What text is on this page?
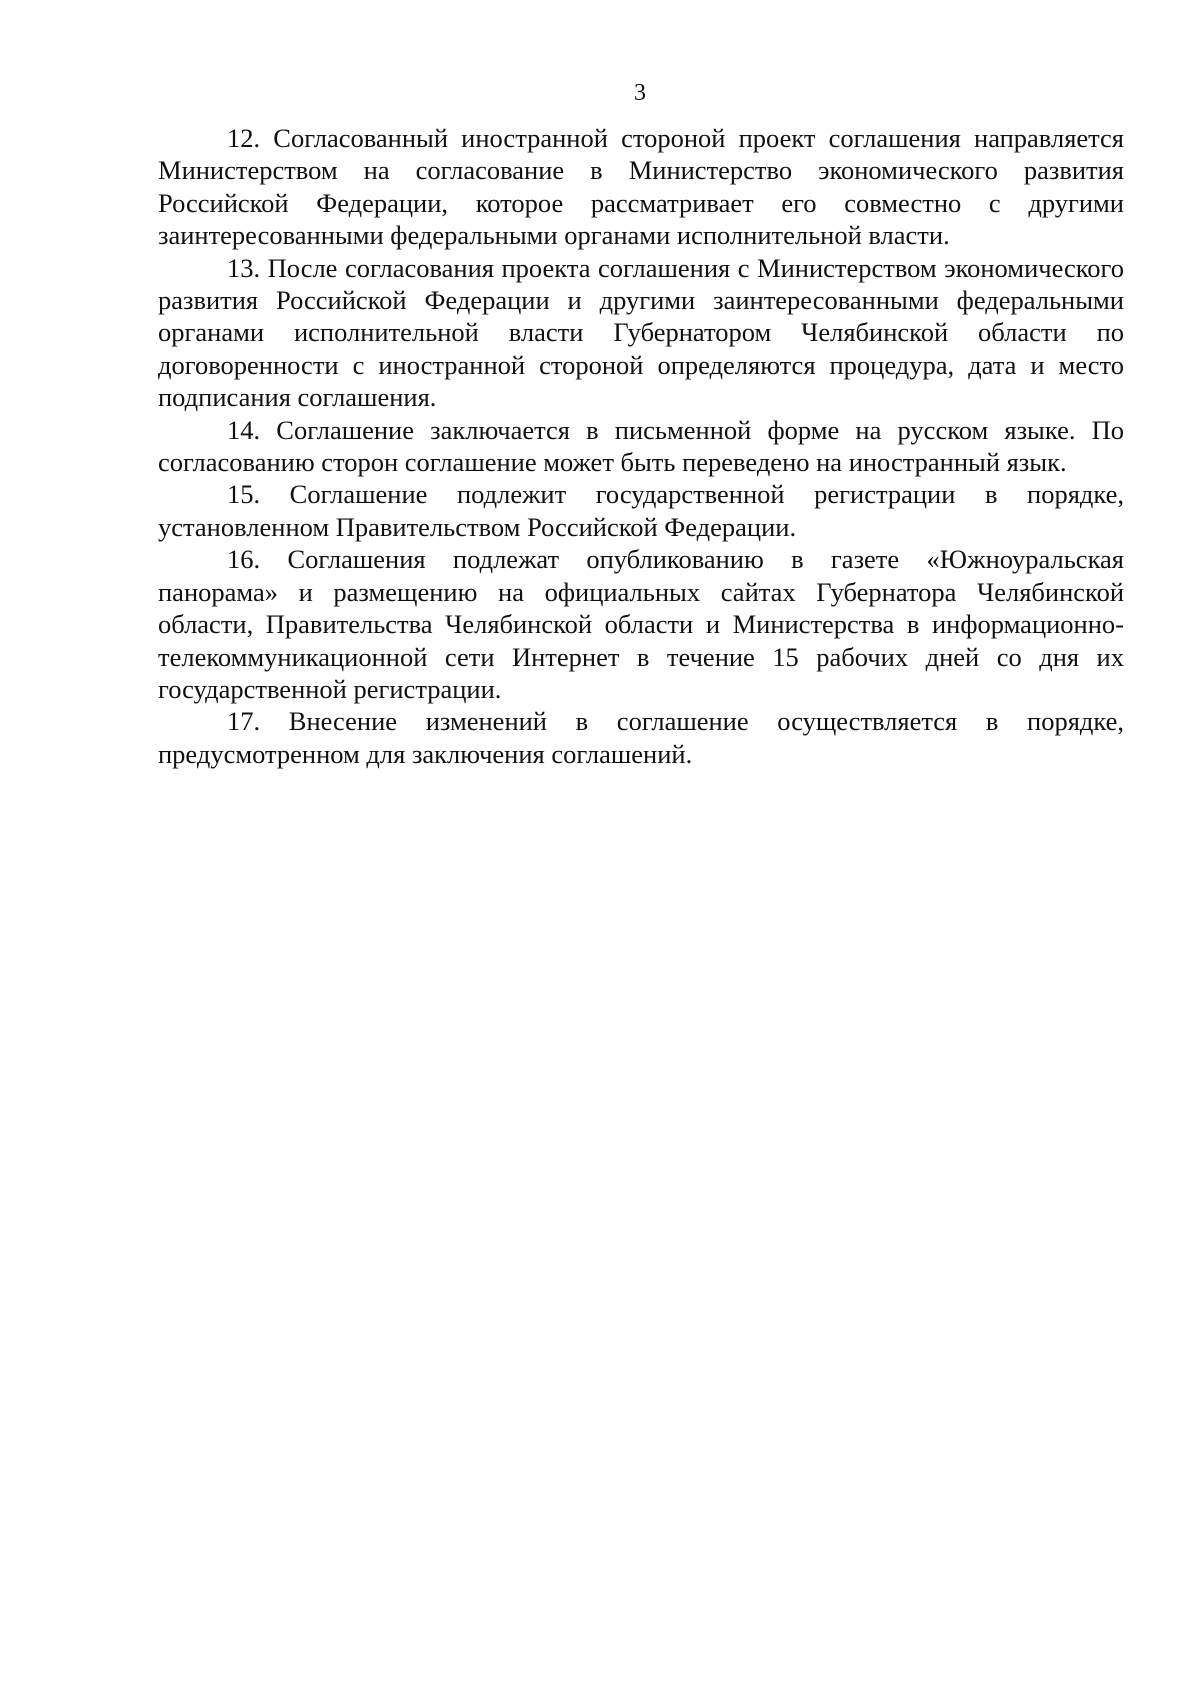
3

12. Согласованный иностранной стороной проект соглашения направляется Министерством на согласование в Министерство экономического развития Российской Федерации, которое рассматривает его совместно с другими заинтересованными федеральными органами исполнительной власти.

13. После согласования проекта соглашения с Министерством экономического развития Российской Федерации и другими заинтересованными федеральными органами исполнительной власти Губернатором Челябинской области по договоренности с иностранной стороной определяются процедура, дата и место подписания соглашения.

14. Соглашение заключается в письменной форме на русском языке. По согласованию сторон соглашение может быть переведено на иностранный язык.

15. Соглашение подлежит государственной регистрации в порядке, установленном Правительством Российской Федерации.

16. Соглашения подлежат опубликованию в газете «Южноуральская панорама» и размещению на официальных сайтах Губернатора Челябинской области, Правительства Челябинской области и Министерства в информационно-телекоммуникационной сети Интернет в течение 15 рабочих дней со дня их государственной регистрации.

17. Внесение изменений в соглашение осуществляется в порядке, предусмотренном для заключения соглашений.
